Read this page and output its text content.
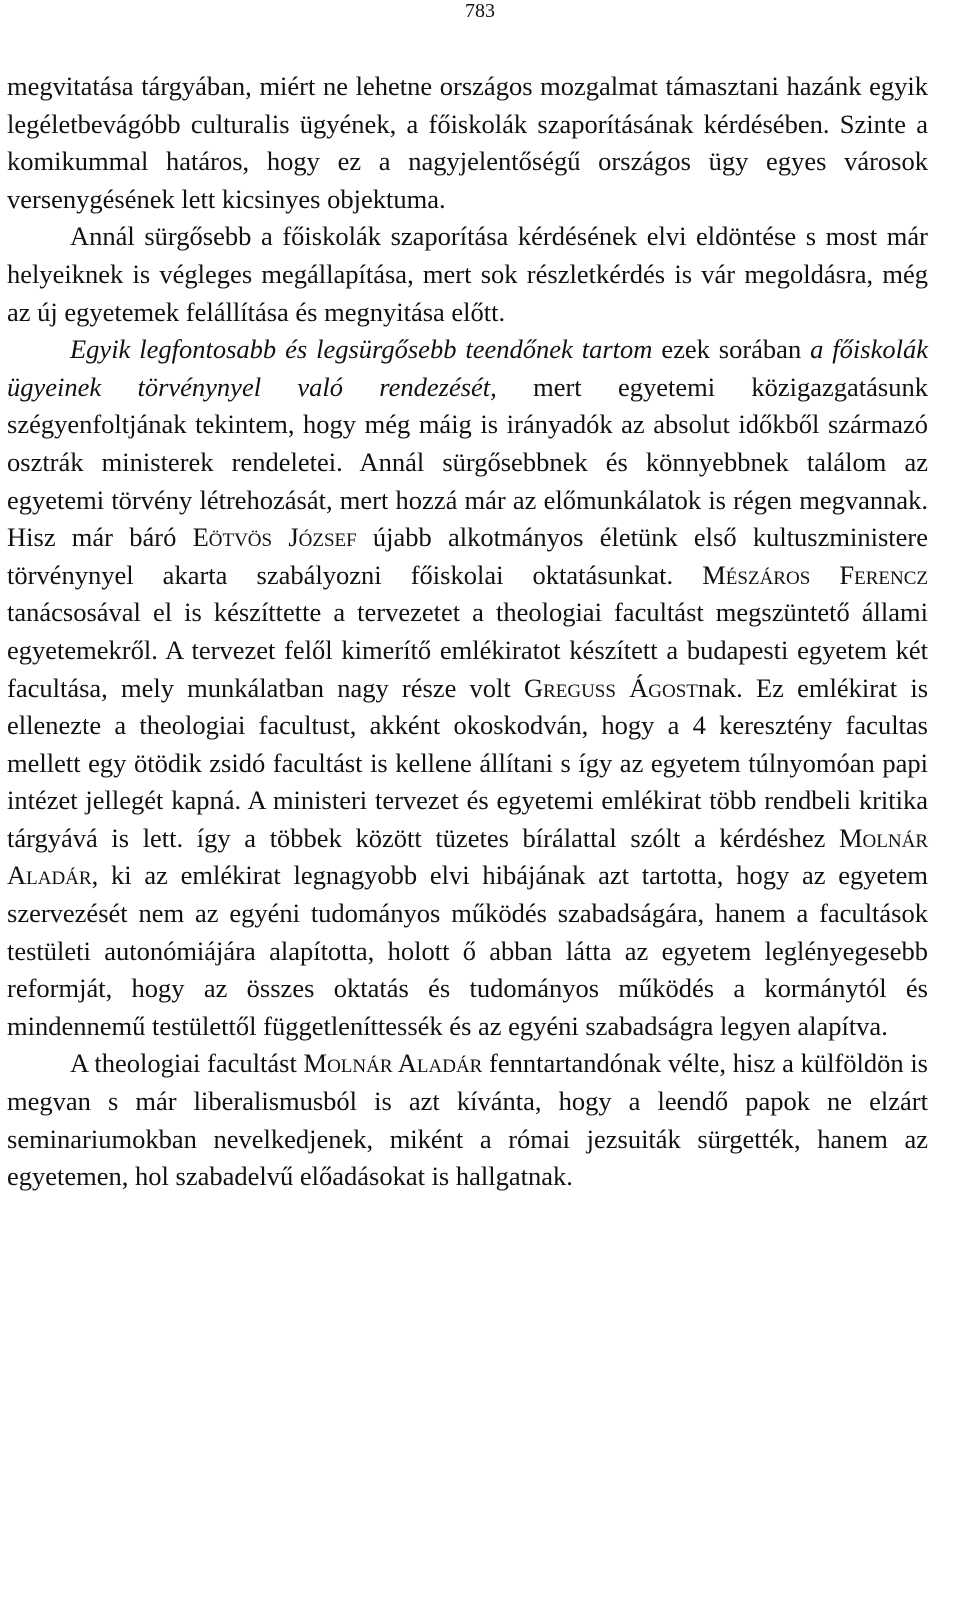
783

megvitatása tárgyában, miért ne lehetne országos mozgalmat támasztani hazánk egyik legéletbevágóbb culturalis ügyének, a főiskolák szaporításának kérdésében. Szinte a komikummal határos, hogy ez a nagyjelentőségű országos ügy egyes városok versenygésének lett kicsinyes objektuma.

Annál sürgősebb a főiskolák szaporítása kérdésének elvi eldöntése s most már helyeiknek is végleges megállapítása, mert sok részletkérdés is vár megoldásra, még az új egyetemek felállítása és megnyitása előtt.

Egyik legfontosabb és legsürgősebb teendőnek tartom ezek sorában a főiskolák ügyeinek törvénynyel való rendezését, mert egyetemi közigazgatásunk szégyenfoltjának tekintem, hogy még máig is irányadók az absolut időkből származó osztrák ministerek rendeletei. Annál sürgősebbnek és könnyebbnek találom az egyetemi törvény létrehozását, mert hozzá már az előmunkálatok is régen megvannak. Hisz már báró Eötvös József újabb alkotmányos életünk első kultuszministere törvénynyel akarta szabályozni főiskolai oktatásunkat. Mészáros Ferencz tanácsosával el is készíttette a tervezetet a theologiai facultást megszüntető állami egyetemekről. A tervezet felől kimerítő emlékiratot készített a budapesti egyetem két facultása, mely munkálatban nagy része volt Greguss Ágostnak. Ez emlékirat is ellenezte a theologiai facultust, akként okoskodván, hogy a 4 keresztény facultas mellett egy ötödik zsidó facultást is kellene állítani s így az egyetem túlnyomóan papi intézet jellegét kapná. A ministeri tervezet és egyetemi emlékirat több rendbeli kritika tárgyává is lett. így a többek között tüzetes bírálattal szólt a kérdéshez Molnár Aladár, ki az emlékirat legnagyobb elvi hibájának azt tartotta, hogy az egyetem szervezését nem az egyéni tudományos működés szabadságára, hanem a facultások testületi autonómiájára alapította, holott ő abban látta az egyetem leglényegesebb reformját, hogy az összes oktatás és tudományos működés a kormánytól és mindennemű testülettől függetleníttessék és az egyéni szabadságra legyen alapítva.

A theologiai facultást Molnár Aladár fenntartandónak vélte, hisz a külföldön is megvan s már liberalismusból is azt kívánta, hogy a leendő papok ne elzárt seminariumokban nevelkedjenek, miként a római jezsuiták sürgették, hanem az egyetemen, hol szabadelvű előadásokat is hallgatnak.
